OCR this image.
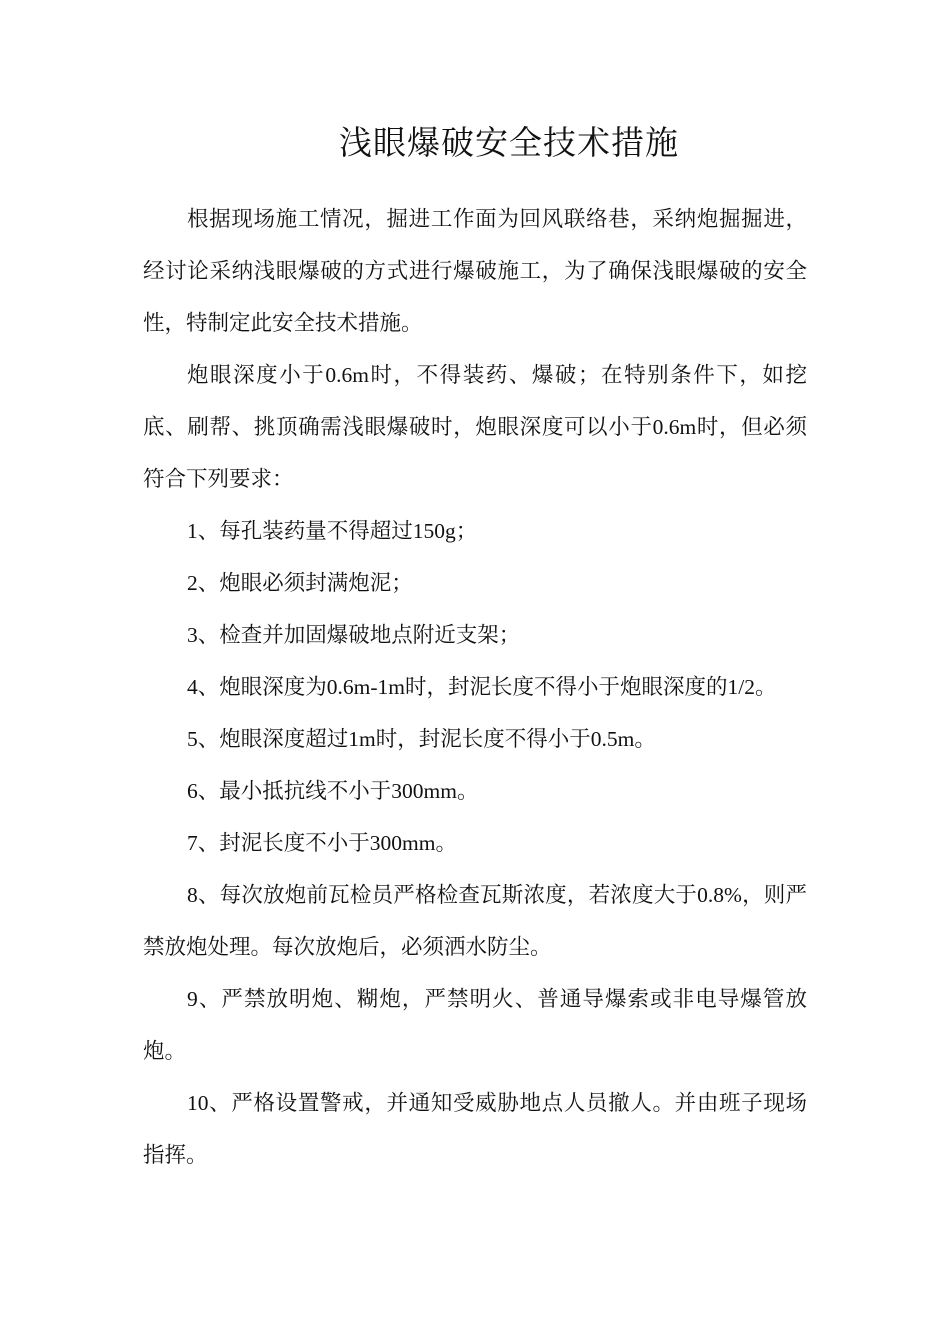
浅眼爆破安全技术措施

根据现场施工情况，掘进工作面为回风联络巷，采纳炮掘掘进，经讨论采纳浅眼爆破的方式进行爆破施工，为了确保浅眼爆破的安全性，特制定此安全技术措施。

炮眼深度小于0.6m时，不得装药、爆破；在特别条件下，如挖底、刷帮、挑顶确需浅眼爆破时，炮眼深度可以小于0.6m时，但必须符合下列要求：

1、每孔装药量不得超过150g；

2、炮眼必须封满炮泥；

3、检查并加固爆破地点附近支架；

4、炮眼深度为0.6m-1m时，封泥长度不得小于炮眼深度的1/2。

5、炮眼深度超过1m时，封泥长度不得小于0.5m。

6、最小抵抗线不小于300mm。

7、封泥长度不小于300mm。

8、每次放炮前瓦检员严格检查瓦斯浓度，若浓度大于0.8%，则严禁放炮处理。每次放炮后，必须洒水防尘。

9、严禁放明炮、糊炮，严禁明火、普通导爆索或非电导爆管放炮。

10、严格设置警戒，并通知受威胁地点人员撤人。并由班子现场指挥。
